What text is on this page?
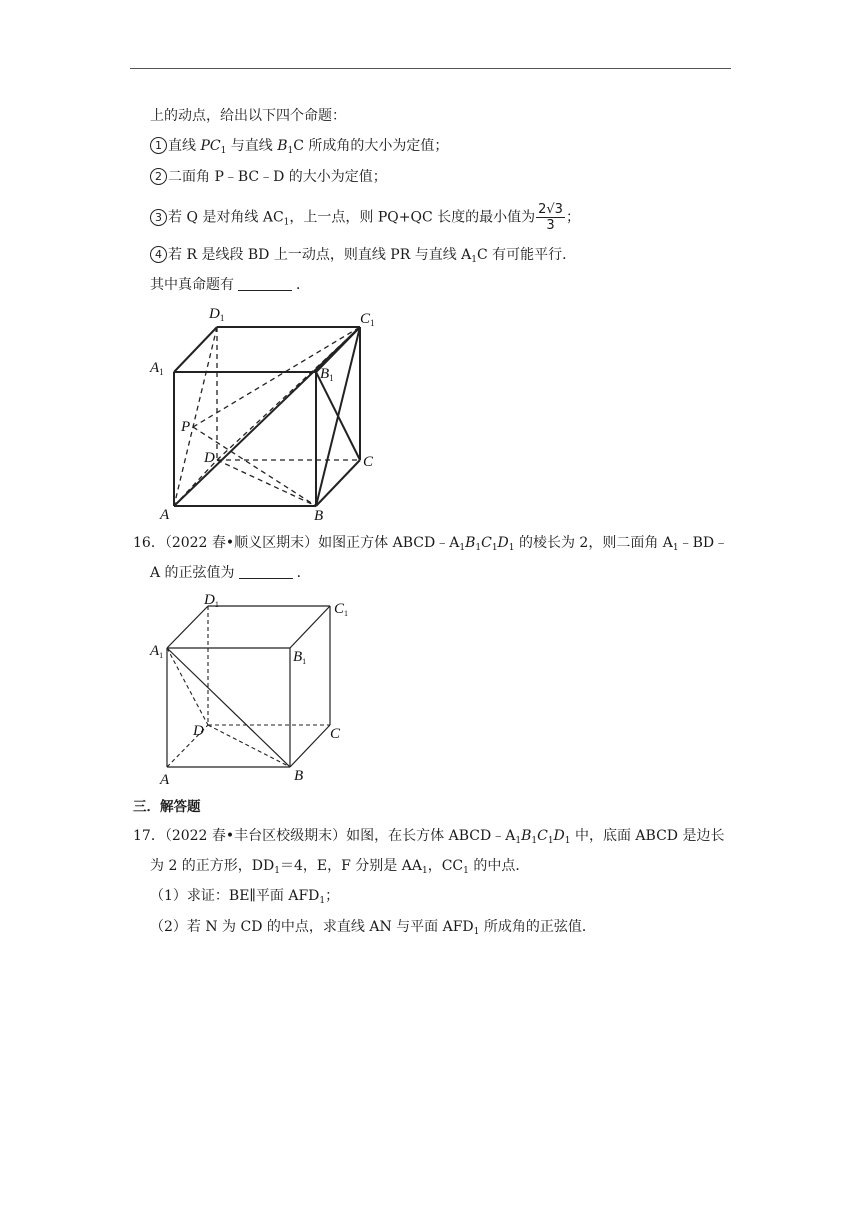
上的动点，给出以下四个命题：
1 直线 $PC_1$ 与直线 $B_1C$ 所成角的大小为定值；
2 二面角 P﹣BC﹣D 的大小为定值；
3 若 Q 是对角线 $AC_1$，上一点，则 PQ+QC 长度的最小值为 $\frac{2√3}{3}$ ；
4 若 R 是线段 BD 上一动点，则直线 PR 与直线 $A_1C$ 有可能平行．
其中真命题有	．
$D_1$	$C_1$
$A_1$	$B_1$
P
D	C
A	B
16．（2022 春•顺义区期末）如图正方体 $ABCD﹣A_1B_1C_1D_1$ 的棱长为 2，则二面角 $A_1﹣BD﹣$
A 的正弦值为	．
$D_1$	$C_1$
$A_1$	$B_1$
D	C
A	B
三．解答题
17．（2022 春•丰台区校级期末）如图，在长方体 $ABCD﹣A_1B_1C_1D_1$ 中，底面 ABCD 是边长
为 2 的正方形，$DD_1=4$，E，F 分别是 $AA_1$，$CC_1$ 的中点．
（1）求证：BE∥平面 $AFD_1$；
（2）若 N 为 CD 的中点，求直线 AN 与平面 $AFD_1$ 所成角的正弦值．
